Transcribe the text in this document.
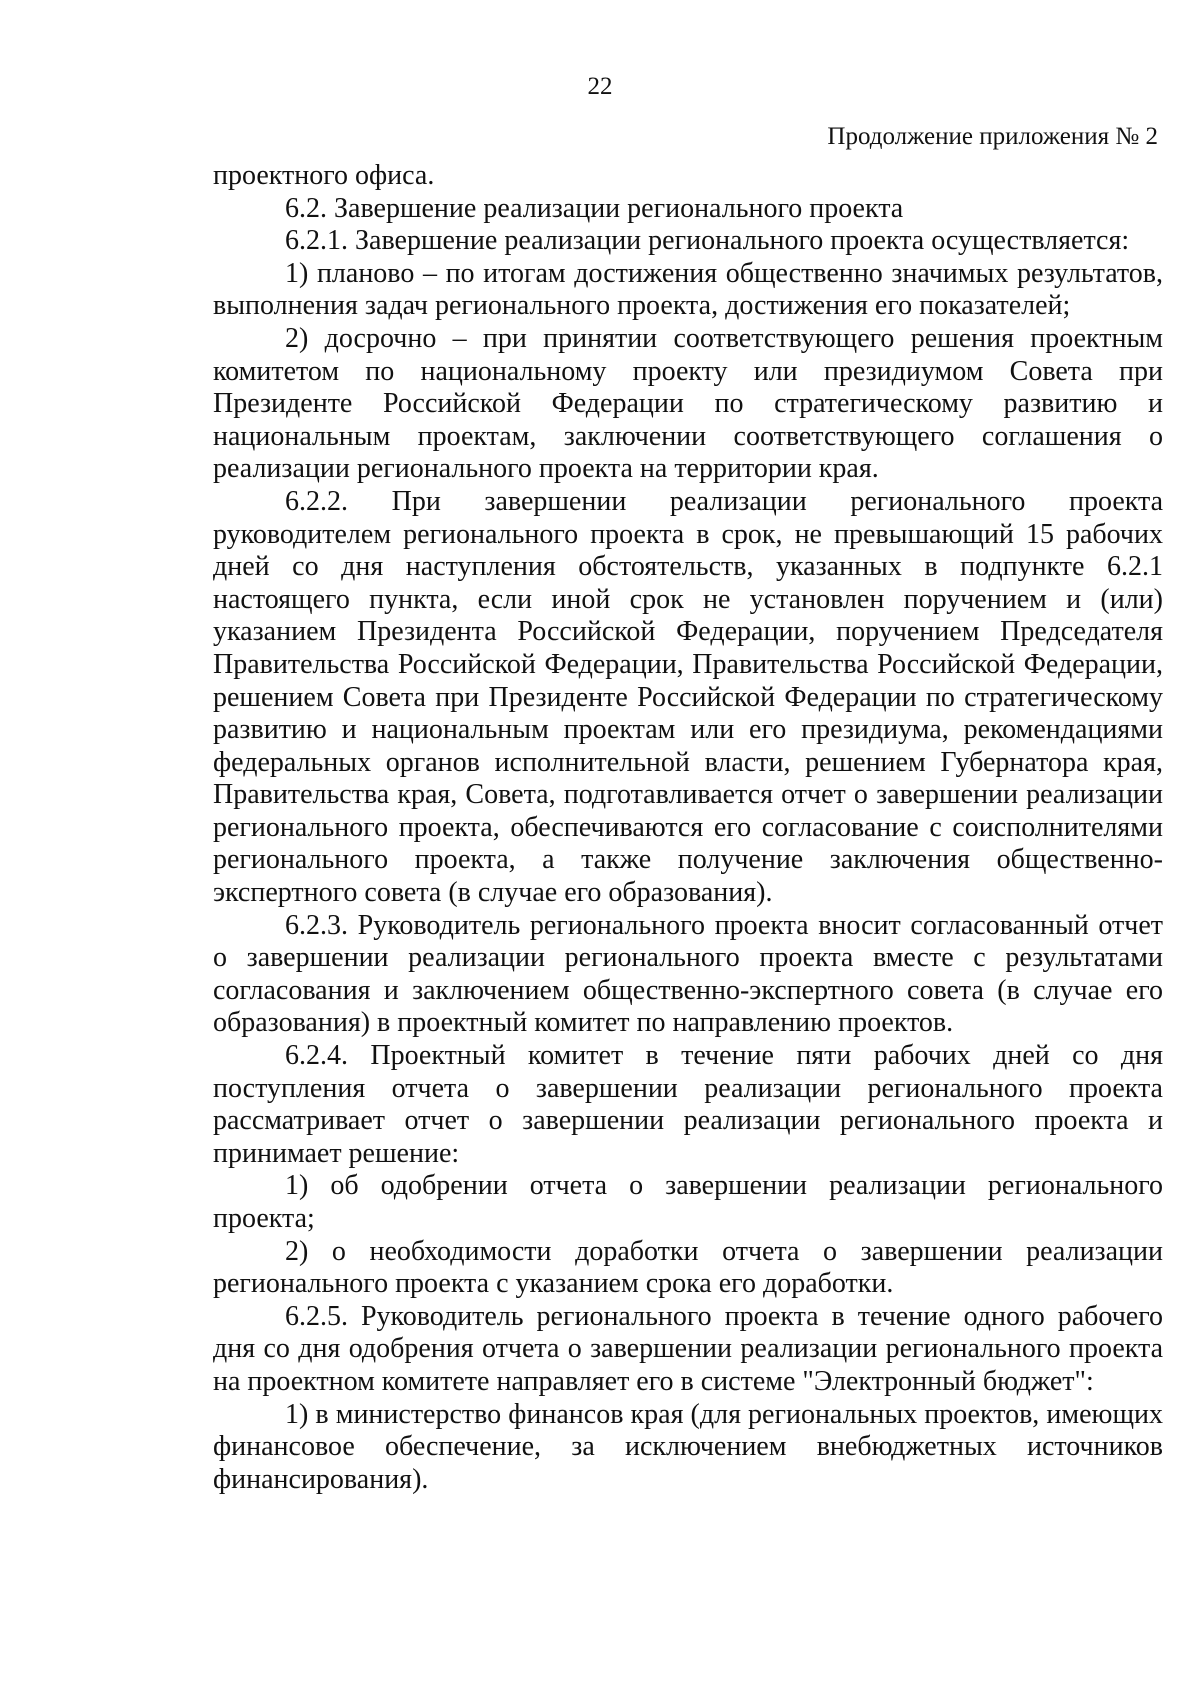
22
Продолжение приложения № 2

проектного офиса.

6.2. Завершение реализации регионального проекта

6.2.1. Завершение реализации регионального проекта осуществляется:

1) планово – по итогам достижения общественно значимых результатов, выполнения задач регионального проекта, достижения его показателей;

2) досрочно – при принятии соответствующего решения проектным комитетом по национальному проекту или президиумом Совета при Президенте Российской Федерации по стратегическому развитию и национальным проектам, заключении соответствующего соглашения о реализации регионального проекта на территории края.

6.2.2. При завершении реализации регионального проекта руководителем регионального проекта в срок, не превышающий 15 рабочих дней со дня наступления обстоятельств, указанных в подпункте 6.2.1 настоящего пункта, если иной срок не установлен поручением и (или) указанием Президента Российской Федерации, поручением Председателя Правительства Российской Федерации, Правительства Российской Федерации, решением Совета при Президенте Российской Федерации по стратегическому развитию и национальным проектам или его президиума, рекомендациями федеральных органов исполнительной власти, решением Губернатора края, Правительства края, Совета, подготавливается отчет о завершении реализации регионального проекта, обеспечиваются его согласование с соисполнителями регионального проекта, а также получение заключения общественно-экспертного совета (в случае его образования).

6.2.3. Руководитель регионального проекта вносит согласованный отчет о завершении реализации регионального проекта вместе с результатами согласования и заключением общественно-экспертного совета (в случае его образования) в проектный комитет по направлению проектов.

6.2.4. Проектный комитет в течение пяти рабочих дней со дня поступления отчета о завершении реализации регионального проекта рассматривает отчет о завершении реализации регионального проекта и принимает решение:

1) об одобрении отчета о завершении реализации регионального проекта;

2) о необходимости доработки отчета о завершении реализации регионального проекта с указанием срока его доработки.

6.2.5. Руководитель регионального проекта в течение одного рабочего дня со дня одобрения отчета о завершении реализации регионального проекта на проектном комитете направляет его в системе "Электронный бюджет":

1) в министерство финансов края (для региональных проектов, имеющих финансовое обеспечение, за исключением внебюджетных источников финансирования).
